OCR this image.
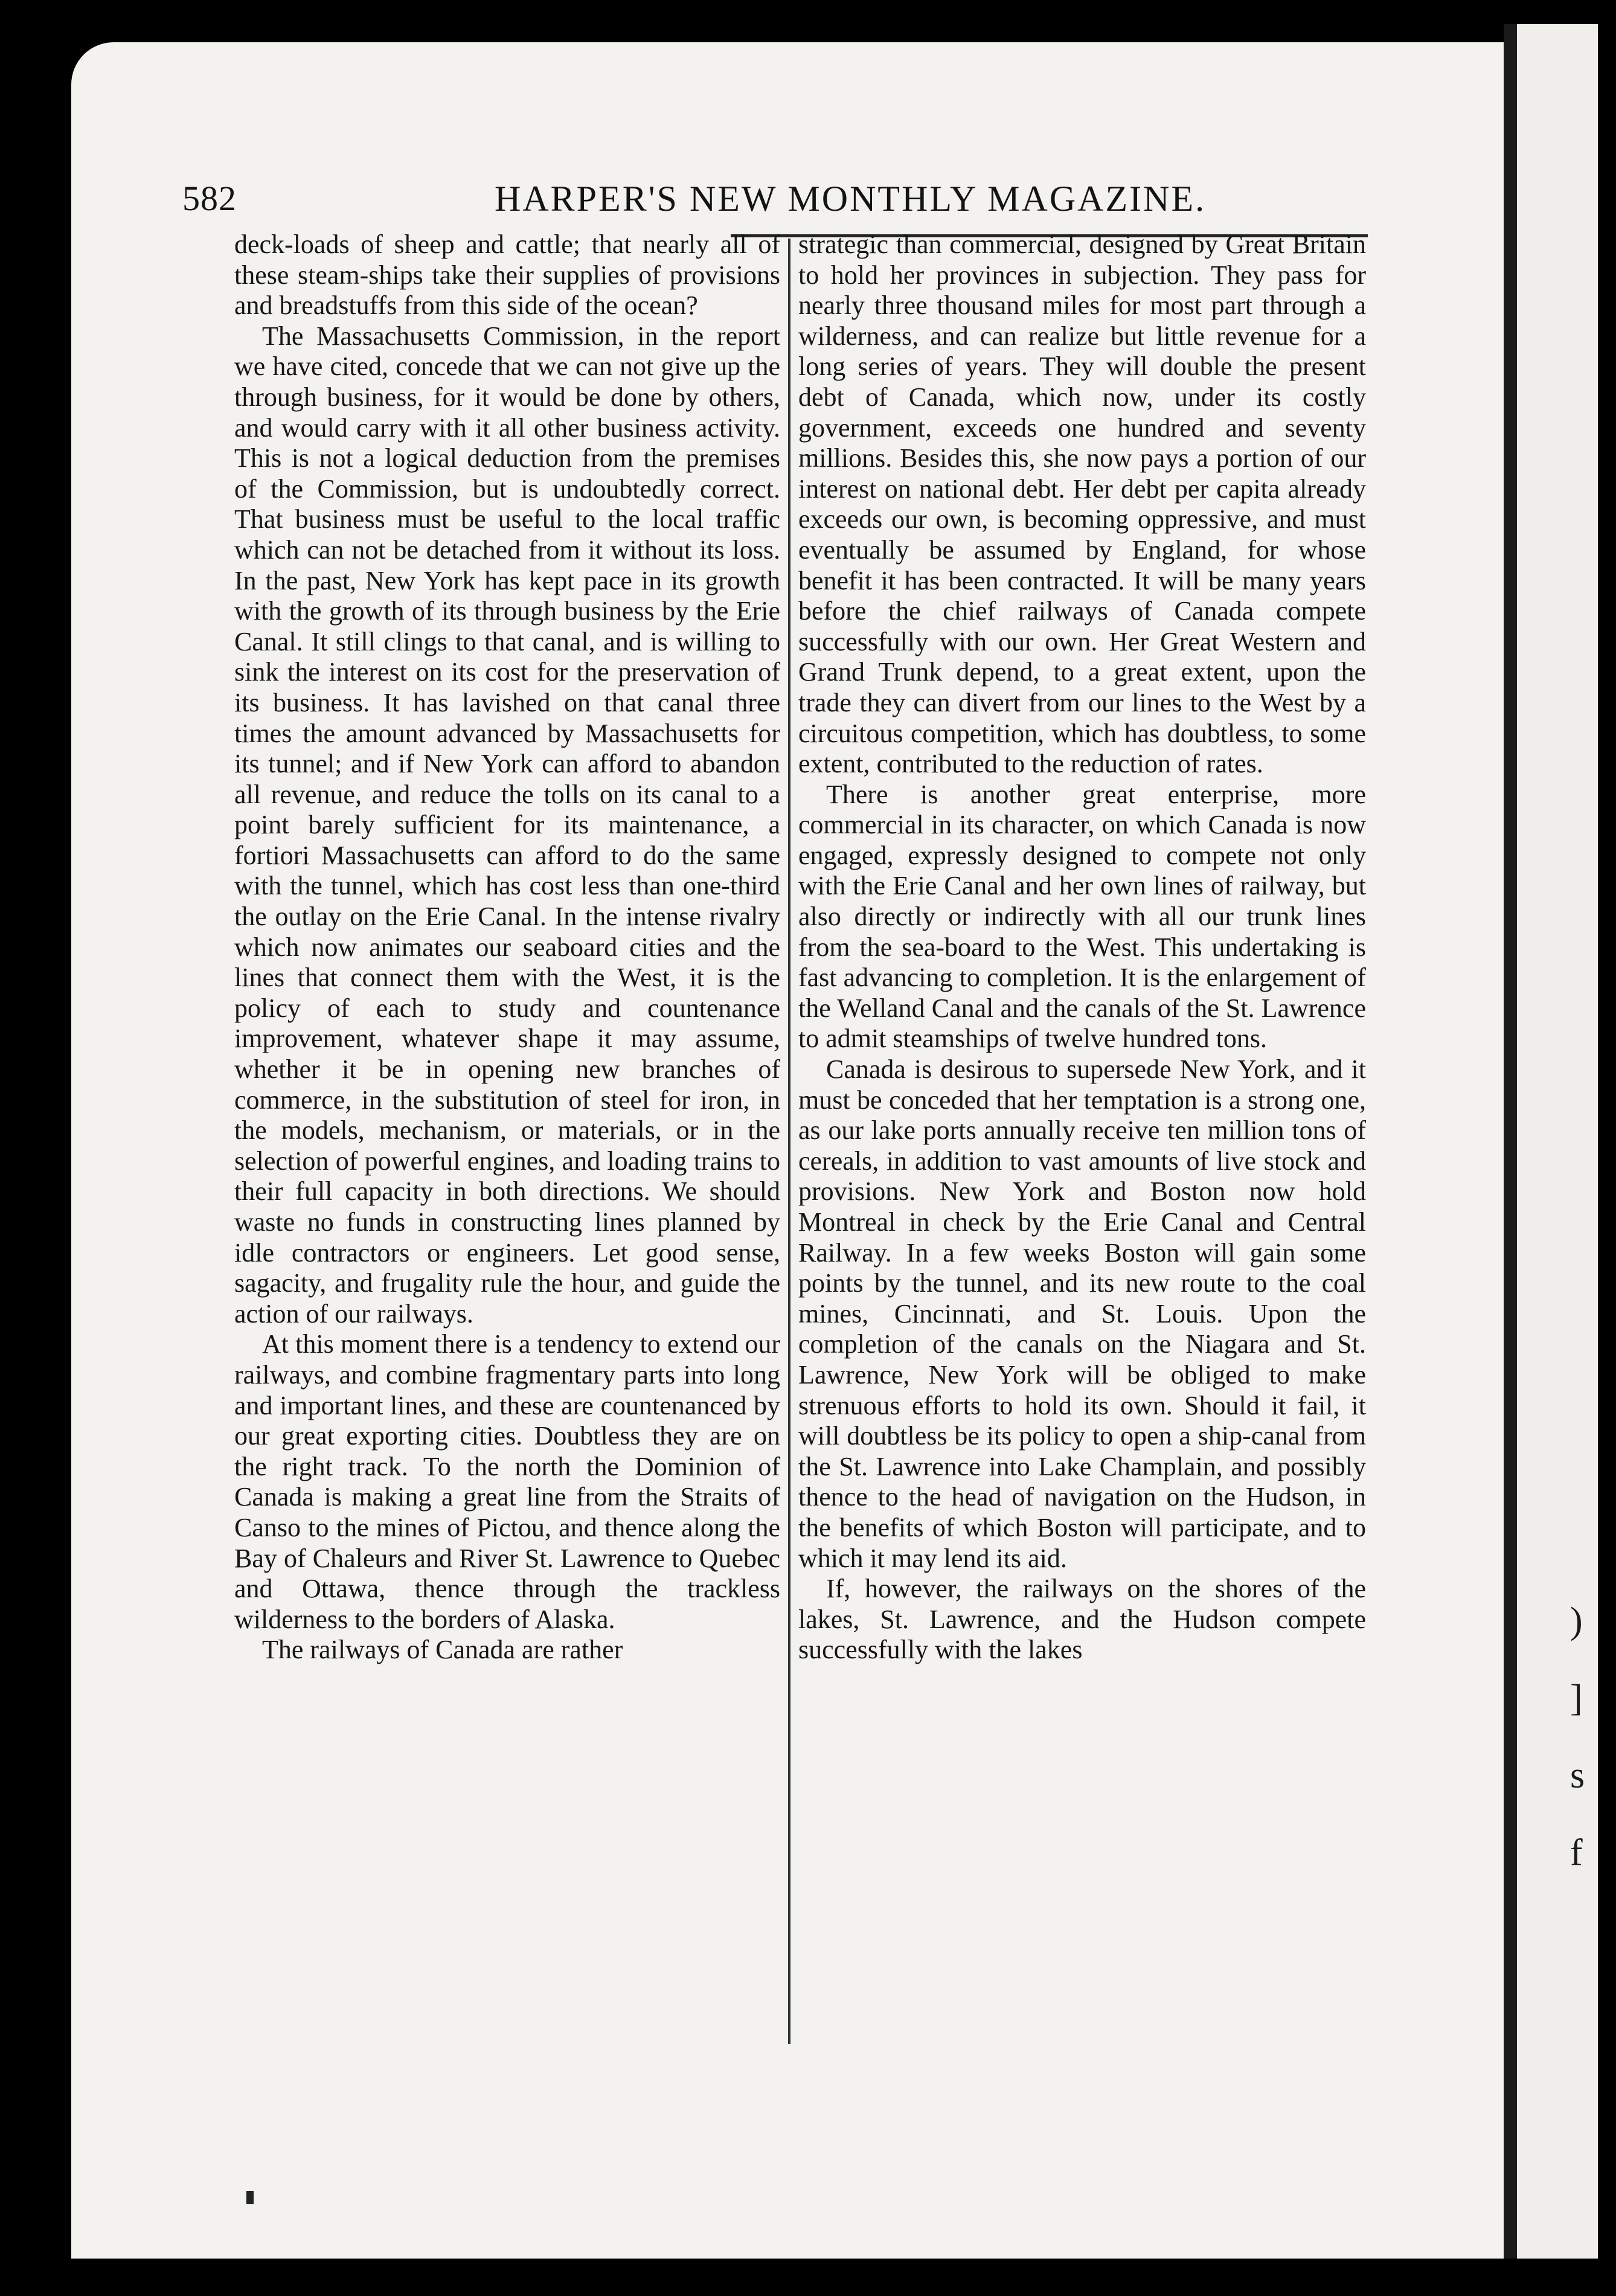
)
]
s
f
582	HARPER'S NEW MONTHLY MAGAZINE.

deck-loads of sheep and cattle; that nearly all of these steam-ships take their supplies of provisions and breadstuffs from this side of the ocean?

The Massachusetts Commission, in the report we have cited, concede that we can not give up the through business, for it would be done by others, and would carry with it all other business activity. This is not a logical deduction from the premises of the Commission, but is undoubtedly correct. That business must be useful to the local traffic which can not be detached from it without its loss. In the past, New York has kept pace in its growth with the growth of its through business by the Erie Canal. It still clings to that canal, and is willing to sink the interest on its cost for the preservation of its business. It has lavished on that canal three times the amount advanced by Massachusetts for its tunnel; and if New York can afford to abandon all revenue, and reduce the tolls on its canal to a point barely sufficient for its maintenance, a fortiori Massachusetts can afford to do the same with the tunnel, which has cost less than one-third the outlay on the Erie Canal. In the intense rivalry which now animates our seaboard cities and the lines that connect them with the West, it is the policy of each to study and countenance improvement, whatever shape it may assume, whether it be in opening new branches of commerce, in the substitution of steel for iron, in the models, mechanism, or materials, or in the selection of powerful engines, and loading trains to their full capacity in both directions. We should waste no funds in constructing lines planned by idle contractors or engineers. Let good sense, sagacity, and frugality rule the hour, and guide the action of our railways.

At this moment there is a tendency to extend our railways, and combine fragmentary parts into long and important lines, and these are countenanced by our great exporting cities. Doubtless they are on the right track. To the north the Dominion of Canada is making a great line from the Straits of Canso to the mines of Pictou, and thence along the Bay of Chaleurs and River St. Lawrence to Quebec and Ottawa, thence through the trackless wilderness to the borders of Alaska.

The railways of Canada are rather

strategic than commercial, designed by Great Britain to hold her provinces in subjection. They pass for nearly three thousand miles for most part through a wilderness, and can realize but little revenue for a long series of years. They will double the present debt of Canada, which now, under its costly government, exceeds one hundred and seventy millions. Besides this, she now pays a portion of our interest on national debt. Her debt per capita already exceeds our own, is becoming oppressive, and must eventually be assumed by England, for whose benefit it has been contracted. It will be many years before the chief railways of Canada compete successfully with our own. Her Great Western and Grand Trunk depend, to a great extent, upon the trade they can divert from our lines to the West by a circuitous competition, which has doubtless, to some extent, contributed to the reduction of rates.

There is another great enterprise, more commercial in its character, on which Canada is now engaged, expressly designed to compete not only with the Erie Canal and her own lines of railway, but also directly or indirectly with all our trunk lines from the sea-board to the West. This undertaking is fast advancing to completion. It is the enlargement of the Welland Canal and the canals of the St. Lawrence to admit steamships of twelve hundred tons.

Canada is desirous to supersede New York, and it must be conceded that her temptation is a strong one, as our lake ports annually receive ten million tons of cereals, in addition to vast amounts of live stock and provisions. New York and Boston now hold Montreal in check by the Erie Canal and Central Railway. In a few weeks Boston will gain some points by the tunnel, and its new route to the coal mines, Cincinnati, and St. Louis. Upon the completion of the canals on the Niagara and St. Lawrence, New York will be obliged to make strenuous efforts to hold its own. Should it fail, it will doubtless be its policy to open a ship-canal from the St. Lawrence into Lake Champlain, and possibly thence to the head of navigation on the Hudson, in the benefits of which Boston will participate, and to which it may lend its aid.

If, however, the railways on the shores of the lakes, St. Lawrence, and the Hudson compete successfully with the lakes
